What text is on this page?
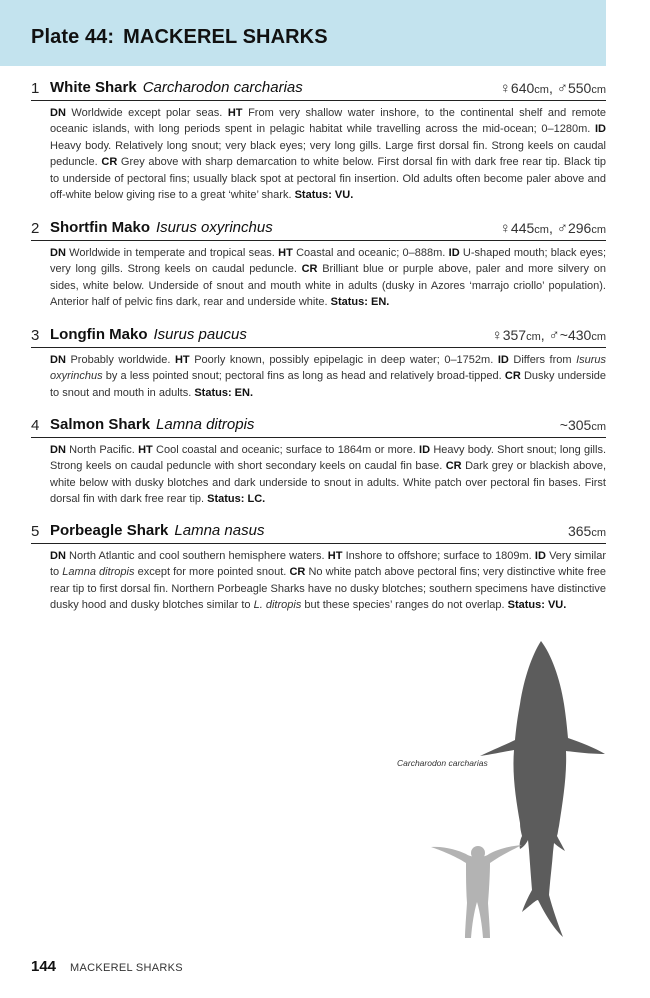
Plate 44: MACKEREL SHARKS
1 White Shark Carcharodon carcharias	♀640cm, ♂550cm

DN Worldwide except polar seas. HT From very shallow water inshore, to the continental shelf and remote oceanic islands, with long periods spent in pelagic habitat while travelling across the mid-ocean; 0–1280m. ID Heavy body. Relatively long snout; very black eyes; very long gills. Large first dorsal fin. Strong keels on caudal peduncle. CR Grey above with sharp demarcation to white below. First dorsal fin with dark free rear tip. Black tip to underside of pectoral fins; usually black spot at pectoral fin insertion. Old adults often become paler above and off-white below giving rise to a great ‘white’ shark. Status: VU.

2 Shortfin Mako Isurus oxyrinchus	♀445cm, ♂296cm

DN Worldwide in temperate and tropical seas. HT Coastal and oceanic; 0–888m. ID U-shaped mouth; black eyes; very long gills. Strong keels on caudal peduncle. CR Brilliant blue or purple above, paler and more silvery on sides, white below. Underside of snout and mouth white in adults (dusky in Azores ‘marrajo criollo’ population). Anterior half of pelvic fins dark, rear and underside white. Status: EN.

3 Longfin Mako Isurus paucus	♀357cm, ♂~430cm

DN Probably worldwide. HT Poorly known, possibly epipelagic in deep water; 0–1752m. ID Differs from Isurus oxyrinchus by a less pointed snout; pectoral fins as long as head and relatively broad-tipped. CR Dusky underside to snout and mouth in adults. Status: EN.

4 Salmon Shark Lamna ditropis	~305cm

DN North Pacific. HT Cool coastal and oceanic; surface to 1864m or more. ID Heavy body. Short snout; long gills. Strong keels on caudal peduncle with short secondary keels on caudal fin base. CR Dark grey or blackish above, white below with dusky blotches and dark underside to snout in adults. White patch over pectoral fin bases. First dorsal fin with dark free rear tip. Status: LC.

5 Porbeagle Shark Lamna nasus	365cm

DN North Atlantic and cool southern hemisphere waters. HT Inshore to offshore; surface to 1809m. ID Very similar to Lamna ditropis except for more pointed snout. CR No white patch above pectoral fins; very distinctive white free rear tip to first dorsal fin. Northern Porbeagle Sharks have no dusky blotches; southern specimens have distinctive dusky hood and dusky blotches similar to L. ditropis but these species’ ranges do not overlap. Status: VU.

Carcharodon carcharias
144 MACKEREL SHARKS
